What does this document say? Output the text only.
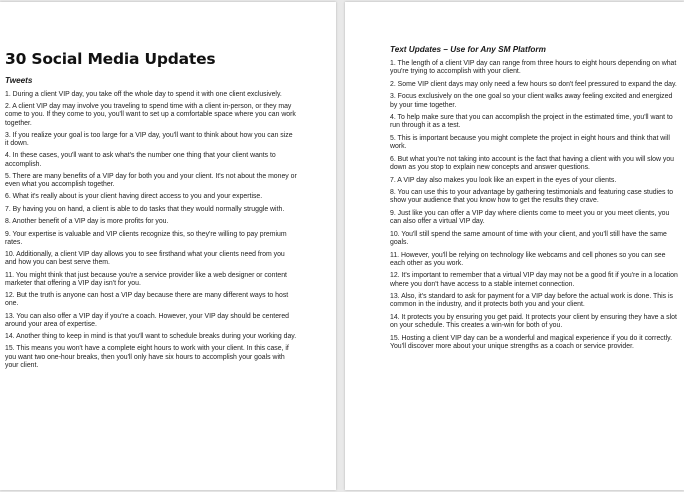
30 Social Media Updates
Tweets

1. During a client VIP day, you take off the whole day to spend it with one client exclusively.

2. A client VIP day may involve you traveling to spend time with a client in-person, or they may come to you. If they come to you, you'll want to set up a comfortable space where you can work together.

3. If you realize your goal is too large for a VIP day, you'll want to think about how you can size it down.

4. In these cases, you'll want to ask what's the number one thing that your client wants to accomplish.

5. There are many benefits of a VIP day for both you and your client. It's not about the money or even what you accomplish together.

6. What it's really about is your client having direct access to you and your expertise.

7. By having you on hand, a client is able to do tasks that they would normally struggle with.

8. Another benefit of a VIP day is more profits for you.

9. Your expertise is valuable and VIP clients recognize this, so they're willing to pay premium rates.

10. Additionally, a client VIP day allows you to see firsthand what your clients need from you and how you can best serve them.

11. You might think that just because you're a service provider like a web designer or content marketer that offering a VIP day isn't for you.

12. But the truth is anyone can host a VIP day because there are many different ways to host one.

13. You can also offer a VIP day if you're a coach. However, your VIP day should be centered around your area of expertise.

14. Another thing to keep in mind is that you'll want to schedule breaks during your working day.

15. This means you won't have a complete eight hours to work with your client. In this case, if you want two one-hour breaks, then you'll only have six hours to accomplish your goals with your client.

Text Updates – Use for Any SM Platform

1. The length of a client VIP day can range from three hours to eight hours depending on what you're trying to accomplish with your client.

2. Some VIP client days may only need a few hours so don't feel pressured to expand the day.

3. Focus exclusively on the one goal so your client walks away feeling excited and energized by your time together.

4. To help make sure that you can accomplish the project in the estimated time, you'll want to run through it as a test.

5. This is important because you might complete the project in eight hours and think that will work.

6. But what you're not taking into account is the fact that having a client with you will slow you down as you stop to explain new concepts and answer questions.

7. A VIP day also makes you look like an expert in the eyes of your clients.

8. You can use this to your advantage by gathering testimonials and featuring case studies to show your audience that you know how to get the results they crave.

9. Just like you can offer a VIP day where clients come to meet you or you meet clients, you can also offer a virtual VIP day.

10. You'll still spend the same amount of time with your client, and you'll still have the same goals.

11. However, you'll be relying on technology like webcams and cell phones so you can see each other as you work.

12. It's important to remember that a virtual VIP day may not be a good fit if you're in a location where you don't have access to a stable internet connection.

13. Also, it's standard to ask for payment for a VIP day before the actual work is done. This is common in the industry, and it protects both you and your client.

14. It protects you by ensuring you get paid. It protects your client by ensuring they have a slot on your schedule. This creates a win-win for both of you.

15. Hosting a client VIP day can be a wonderful and magical experience if you do it correctly. You'll discover more about your unique strengths as a coach or service provider.
